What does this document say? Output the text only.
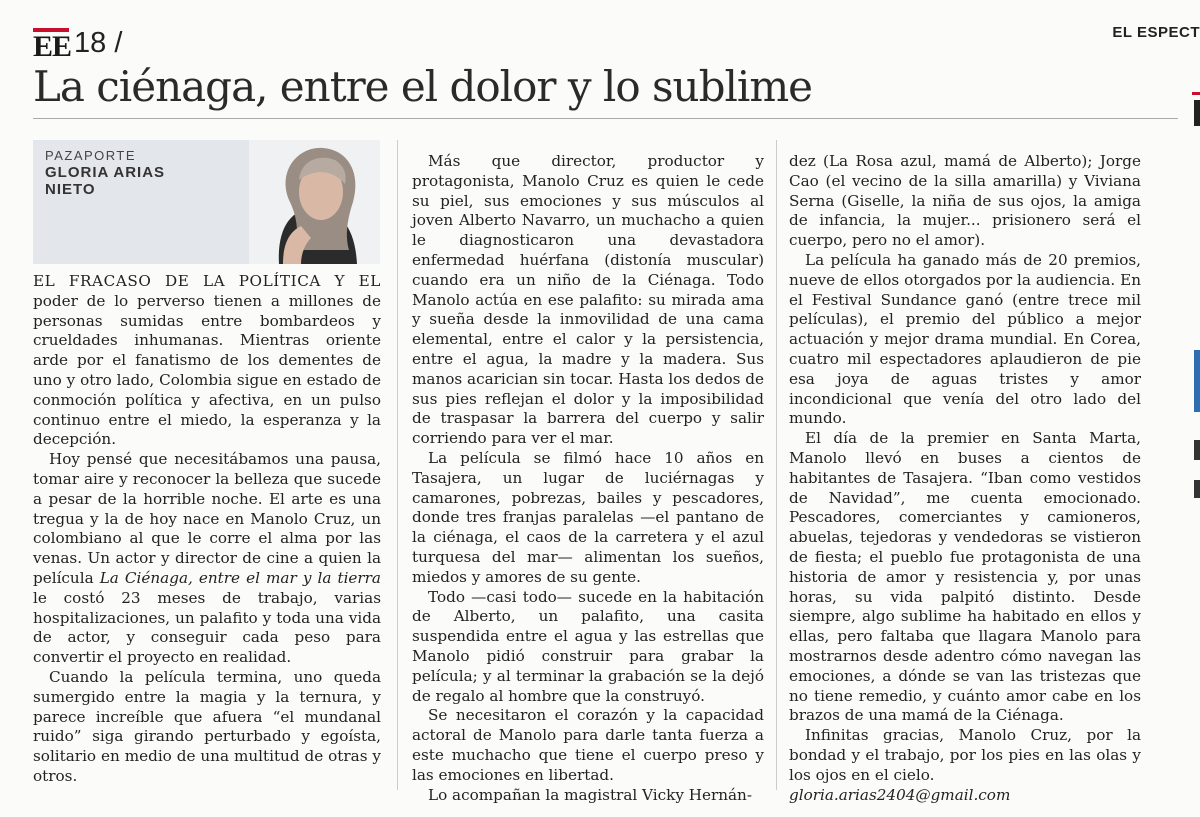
EE 18 /	EL ESPECT
La ciénaga, entre el dolor y lo sublime
PAZAPORTE
GLORIA ARIAS NIETO

EL FRACASO DE LA POLÍTICA Y EL poder de lo perverso tienen a millones de personas sumidas entre bombardeos y crueldades inhumanas. Mientras oriente arde por el fanatismo de los dementes de uno y otro lado, Colombia sigue en estado de conmoción política y afectiva, en un pulso continuo entre el miedo, la esperanza y la decepción.

Hoy pensé que necesitábamos una pausa, tomar aire y reconocer la belleza que sucede a pesar de la horrible noche. El arte es una tregua y la de hoy nace en Manolo Cruz, un colombiano al que le corre el alma por las venas. Un actor y director de cine a quien la película La Ciénaga, entre el mar y la tierra le costó 23 meses de trabajo, varias hospitalizaciones, un palafito y toda una vida de actor, y conseguir cada peso para convertir el proyecto en realidad.

Cuando la película termina, uno queda sumergido entre la magia y la ternura, y parece increíble que afuera “el mundanal ruido” siga girando perturbado y egoísta, solitario en medio de una multitud de otras y otros.

Más que director, productor y protagonista, Manolo Cruz es quien le cede su piel, sus emociones y sus músculos al joven Alberto Navarro, un muchacho a quien le diagnosticaron una devastadora enfermedad huérfana (distonía muscular) cuando era un niño de la Ciénaga. Todo Manolo actúa en ese palafito: su mirada ama y sueña desde la inmovilidad de una cama elemental, entre el calor y la persistencia, entre el agua, la madre y la madera. Sus manos acarician sin tocar. Hasta los dedos de sus pies reflejan el dolor y la imposibilidad de traspasar la barrera del cuerpo y salir corriendo para ver el mar.

La película se filmó hace 10 años en Tasajera, un lugar de luciérnagas y camarones, pobrezas, bailes y pescadores, donde tres franjas paralelas —el pantano de la ciénaga, el caos de la carretera y el azul turquesa del mar— alimentan los sueños, miedos y amores de su gente.

Todo —casi todo— sucede en la habitación de Alberto, un palafito, una casita suspendida entre el agua y las estrellas que Manolo pidió construir para grabar la película; y al terminar la grabación se la dejó de regalo al hombre que la construyó.

Se necesitaron el corazón y la capacidad actoral de Manolo para darle tanta fuerza a este muchacho que tiene el cuerpo preso y las emociones en libertad.

Lo acompañan la magistral Vicky Hernán-

dez (La Rosa azul, mamá de Alberto); Jorge Cao (el vecino de la silla amarilla) y Viviana Serna (Giselle, la niña de sus ojos, la amiga de infancia, la mujer... prisionero será el cuerpo, pero no el amor).

La película ha ganado más de 20 premios, nueve de ellos otorgados por la audiencia. En el Festival Sundance ganó (entre trece mil películas), el premio del público a mejor actuación y mejor drama mundial. En Corea, cuatro mil espectadores aplaudieron de pie esa joya de aguas tristes y amor incondicional que venía del otro lado del mundo.

El día de la premier en Santa Marta, Manolo llevó en buses a cientos de habitantes de Tasajera. “Iban como vestidos de Navidad”, me cuenta emocionado. Pescadores, comerciantes y camioneros, abuelas, tejedoras y vendedoras se vistieron de fiesta; el pueblo fue protagonista de una historia de amor y resistencia y, por unas horas, su vida palpitó distinto. Desde siempre, algo sublime ha habitado en ellos y ellas, pero faltaba que llagara Manolo para mostrarnos desde adentro cómo navegan las emociones, a dónde se van las tristezas que no tiene remedio, y cuánto amor cabe en los brazos de una mamá de la Ciénaga.

Infinitas gracias, Manolo Cruz, por la bondad y el trabajo, por los pies en las olas y los ojos en el cielo.

gloria.arias2404@gmail.com
